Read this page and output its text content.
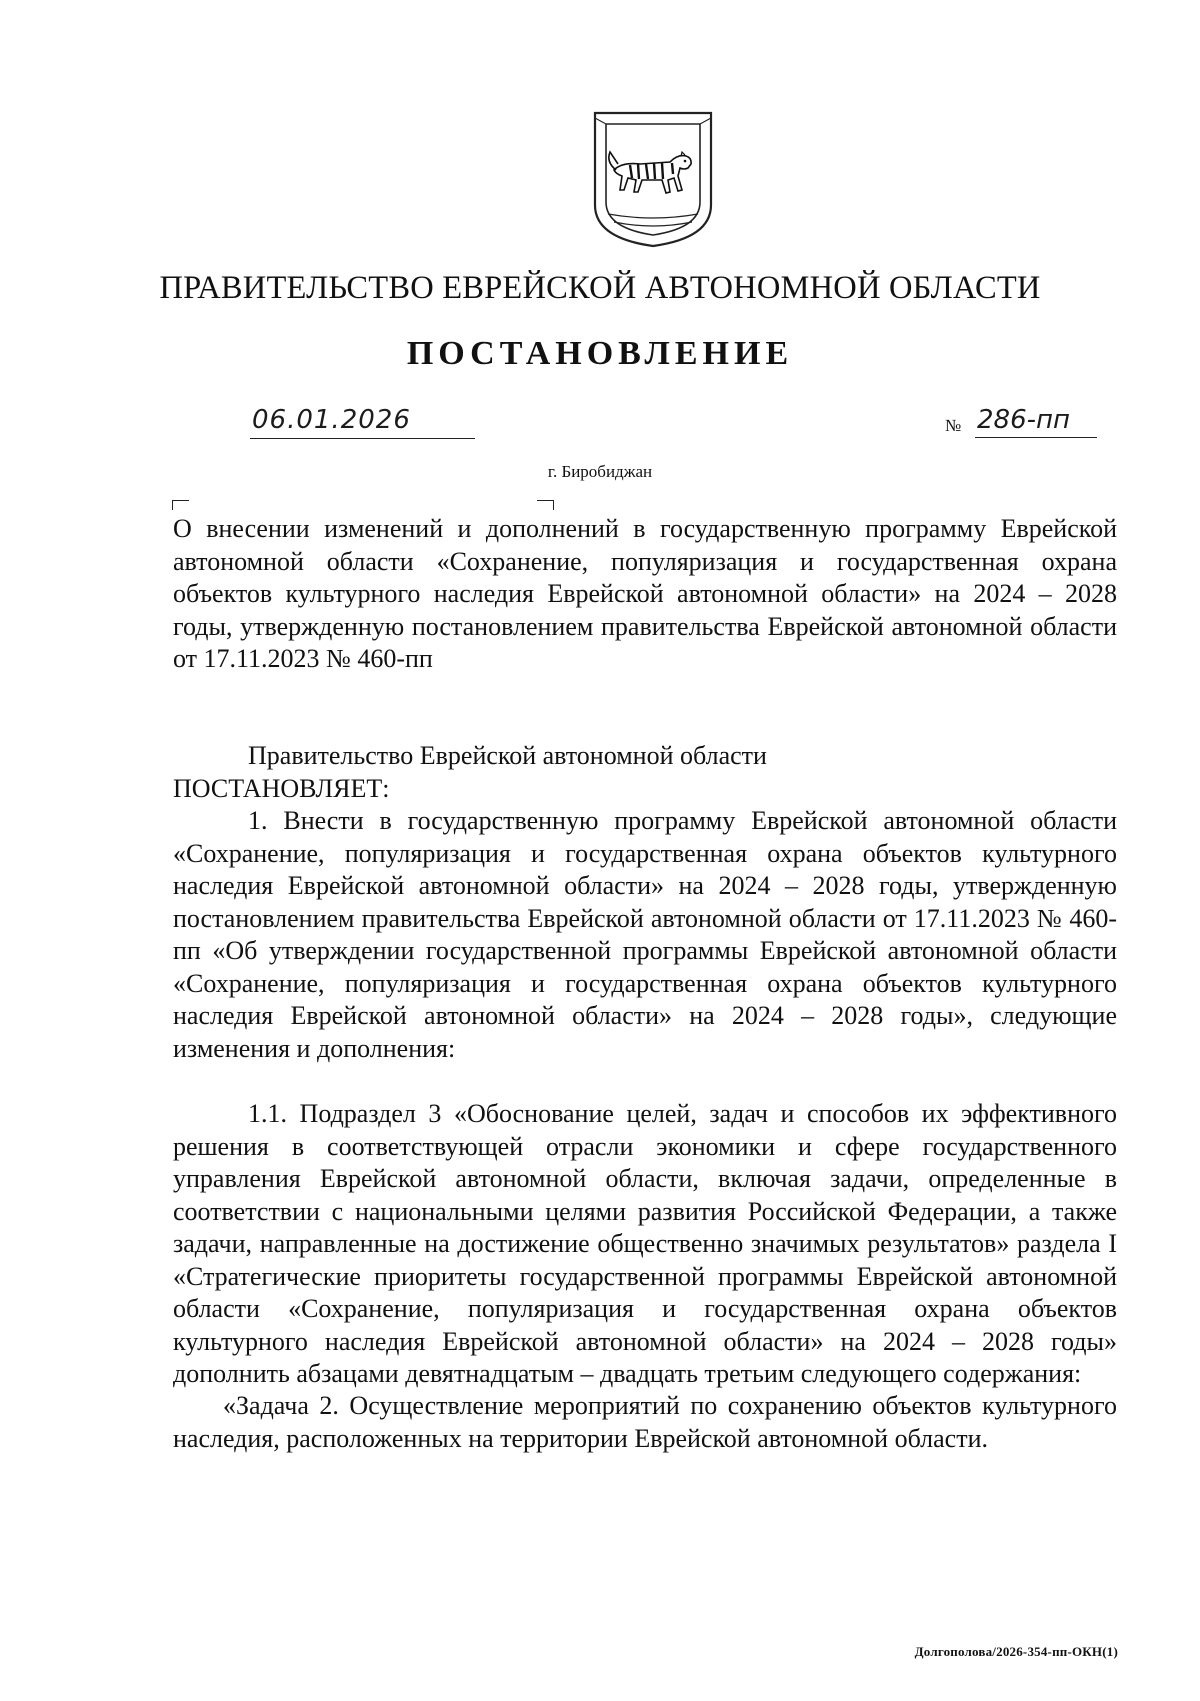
ПРАВИТЕЛЬСТВО ЕВРЕЙСКОЙ АВТОНОМНОЙ ОБЛАСТИ
ПОСТАНОВЛЕНИЕ
06.01.2026	№ 286-пп
г. Биробиджан

О внесении изменений и дополнений в государственную программу Еврейской автономной области «Сохранение, популяризация и государственная охрана объектов культурного наследия Еврейской автономной области» на 2024 – 2028 годы, утвержденную постановлением правительства Еврейской автономной области от 17.11.2023 № 460-пп

Правительство Еврейской автономной области
ПОСТАНОВЛЯЕТ:

1. Внести в государственную программу Еврейской автономной области «Сохранение, популяризация и государственная охрана объектов культурного наследия Еврейской автономной области» на 2024 – 2028 годы, утвержденную постановлением правительства Еврейской автономной области от 17.11.2023 № 460-пп «Об утверждении государственной программы Еврейской автономной области «Сохранение, популяризация и государственная охрана объектов культурного наследия Еврейской автономной области» на 2024 – 2028 годы», следующие изменения и дополнения:

1.1. Подраздел 3 «Обоснование целей, задач и способов их эффективного решения в соответствующей отрасли экономики и сфере государственного управления Еврейской автономной области, включая задачи, определенные в соответствии с национальными целями развития Российской Федерации, а также задачи, направленные на достижение общественно значимых результатов» раздела I «Стратегические приоритеты государственной программы Еврейской автономной области «Сохранение, популяризация и государственная охрана объектов культурного наследия Еврейской автономной области» на 2024 – 2028 годы» дополнить абзацами девятнадцатым – двадцать третьим следующего содержания:

«Задача 2. Осуществление мероприятий по сохранению объектов культурного наследия, расположенных на территории Еврейской автономной области.

Долгополова/2026-354-пп-ОКН(1)
